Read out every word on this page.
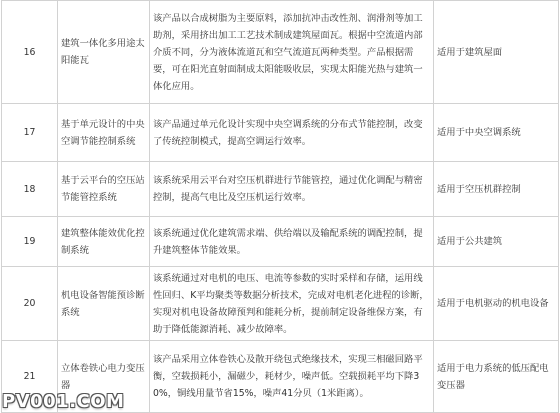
16	建筑一体化多用途太阳能瓦	该产品以合成树脂为主要原料，添加抗冲击改性剂、润滑剂等加工助剂，采用挤出加工工艺技术制成建筑屋面瓦。根据中空流道内部介质不同，分为液体流道瓦和空气流道瓦两种类型。产品根据需要，可在阳光直射面制成太阳能吸收层，实现太阳能光热与建筑一体化应用。	适用于建筑屋面
17	基于单元设计的中央空调节能控制系统	该产品通过单元化设计实现中央空调系统的分布式节能控制，改变了传统控制模式，提高空调运行效率。	适用于中央空调系统
18	基于云平台的空压站节能管控系统	该系统采用云平台对空压机群进行节能管控，通过优化调配与精密控制，提高气电比及空压机运行效率。	适用于空压机群控制
19	建筑整体能效优化控制系统	该系统通过优化建筑需求端、供给端以及输配系统的调配控制，提升建筑整体节能效果。	适用于公共建筑
20	机电设备智能预诊断系统	该系统通过对电机的电压、电流等参数的实时采样和存储，运用线性回归、K平均聚类等数据分析技术，完成对电机老化进程的诊断，实现对机电设备故障预判和能耗分析，提前制定设备维保方案，有助于降低能源消耗、减少故障率。	适用于电机驱动的机电设备
21	立体卷铁心电力变压器	该产品采用立体卷铁心及散开绕包式绝缘技术，实现三相磁回路平衡，空载损耗小，漏磁少，耗材少，噪声低。空载损耗平均下降30%，铜线用量节省15%，噪声41分贝（1米距离）。	适用于电力系统的低压配电变压器
PV001.COM
